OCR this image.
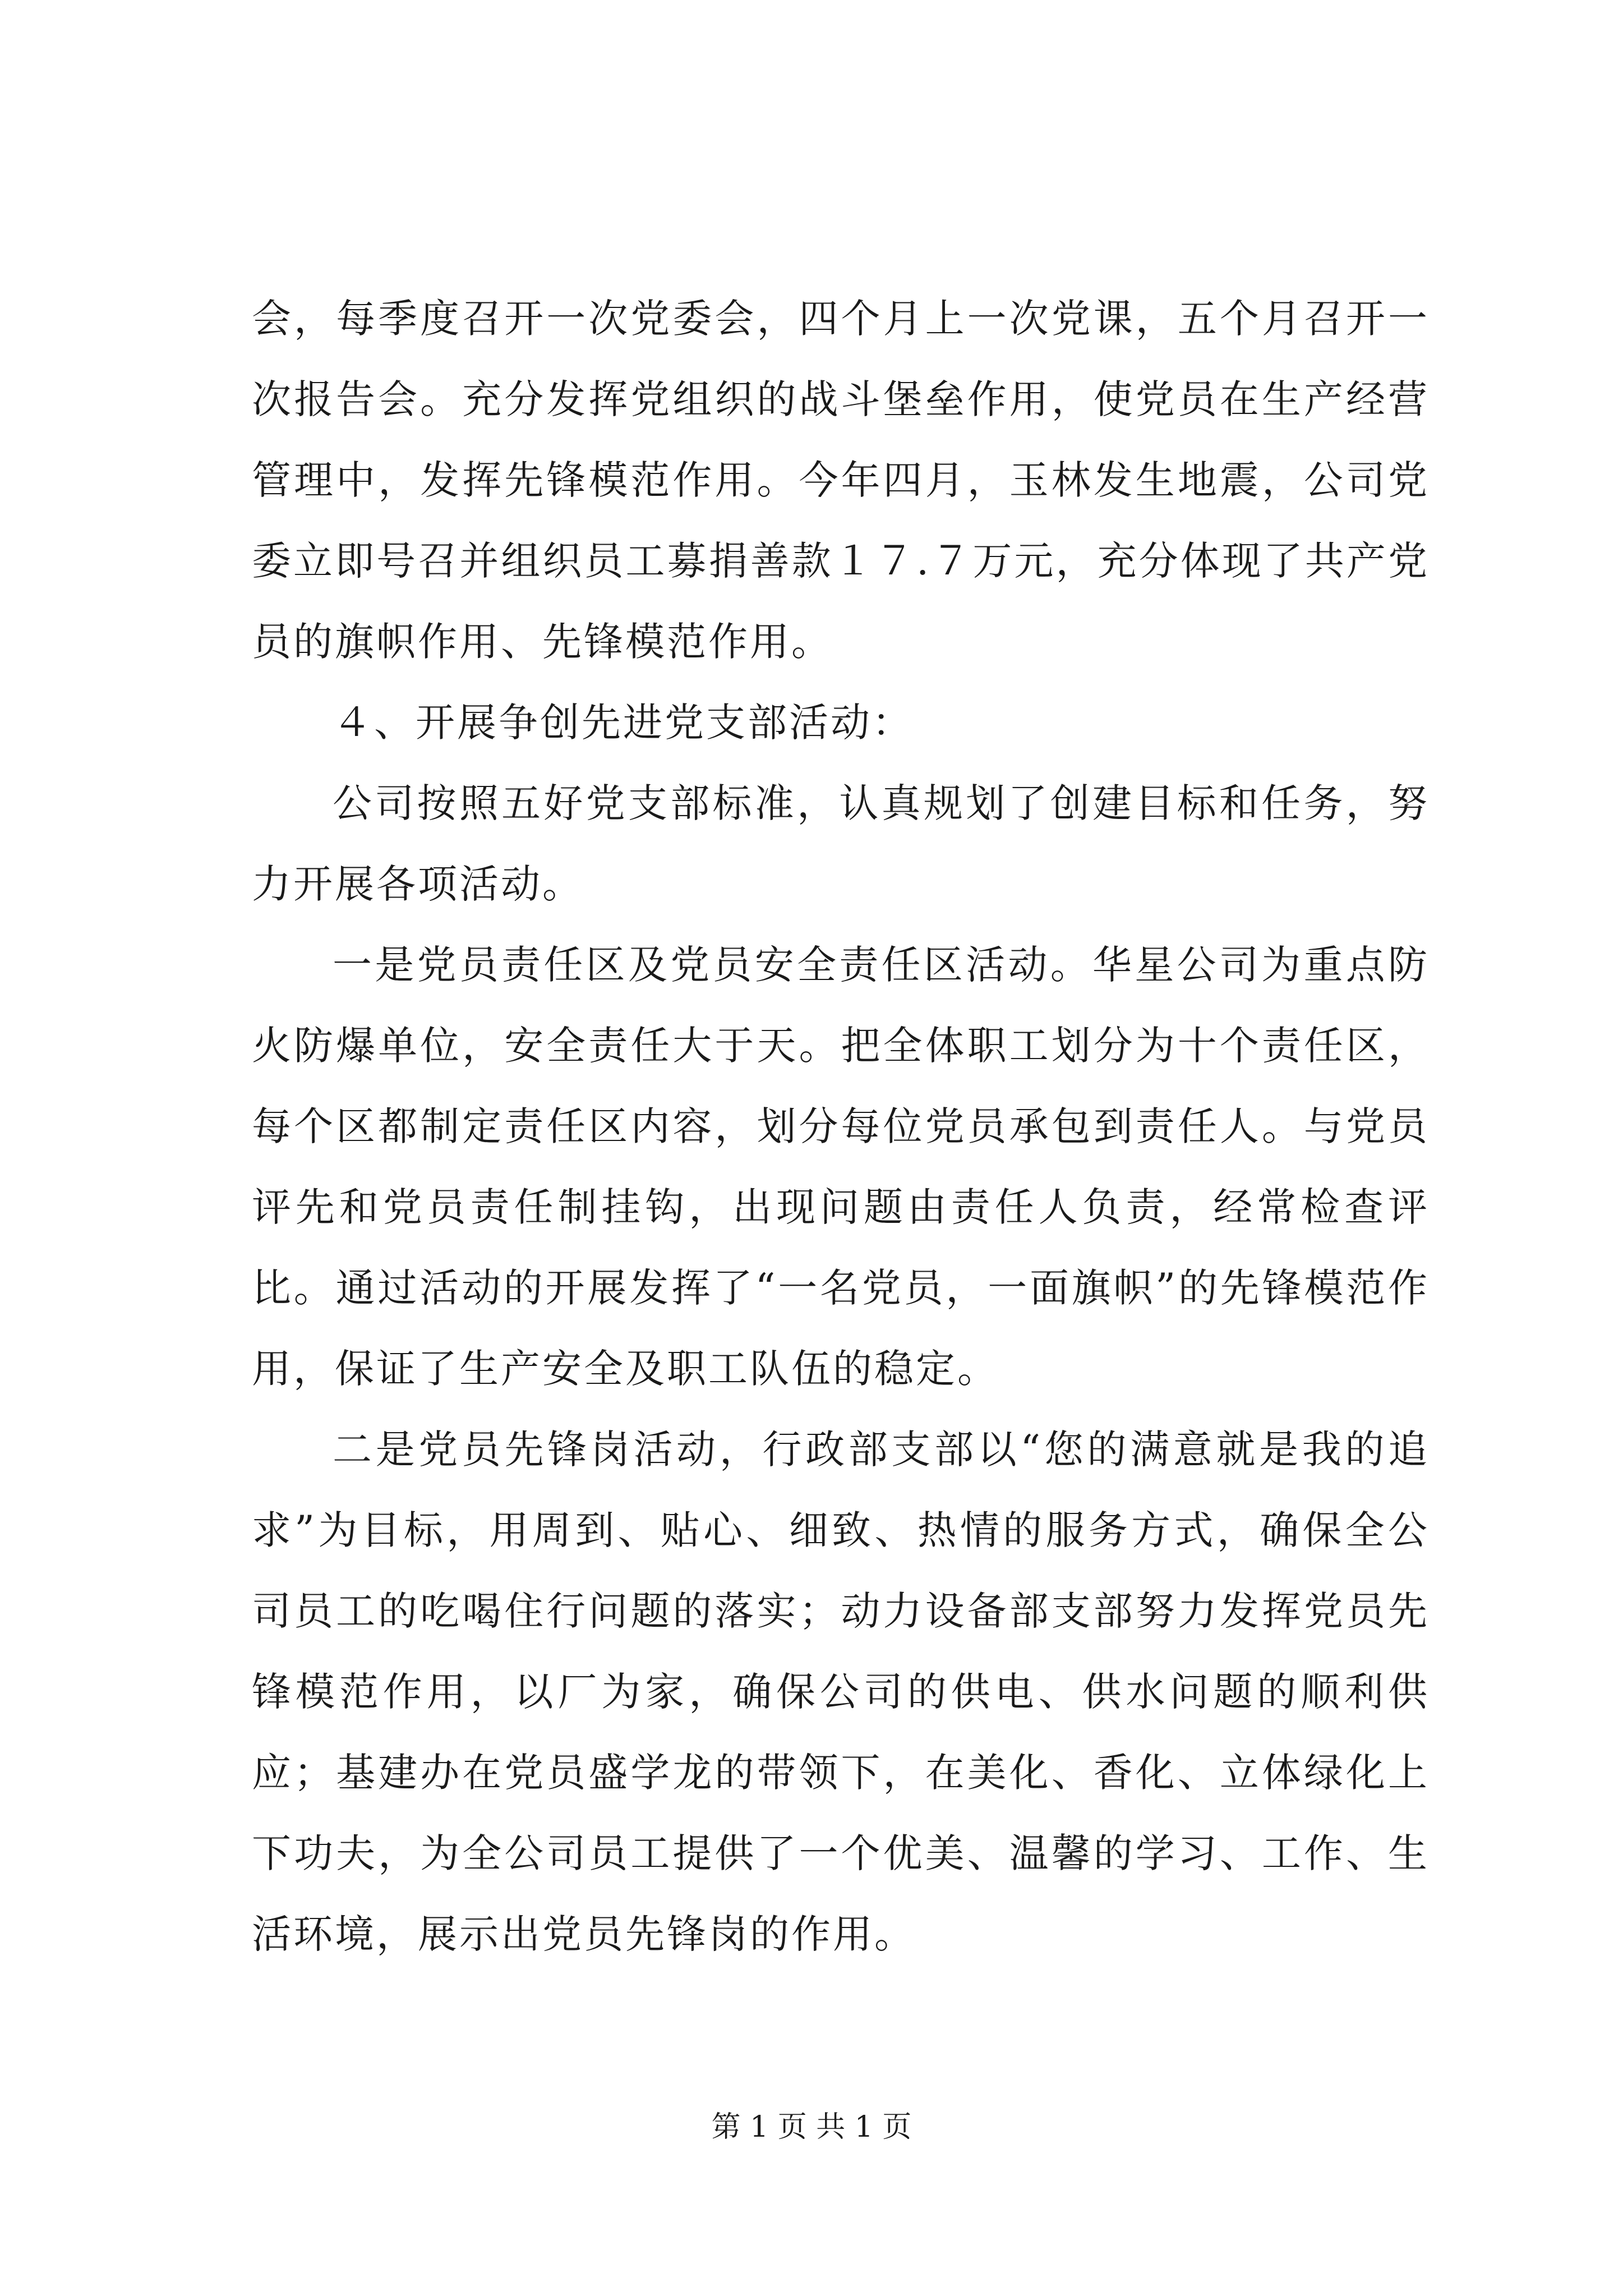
会，每季度召开一次党委会，四个月上一次党课，五个月召开一次报告会。充分发挥党组织的战斗堡垒作用，使党员在生产经营管理中，发挥先锋模范作用。今年四月，玉林发生地震，公司党委立即号召并组织员工募捐善款１７.７万元，充分体现了共产党员的旗帜作用、先锋模范作用。

４、开展争创先进党支部活动：

公司按照五好党支部标准，认真规划了创建目标和任务，努力开展各项活动。

一是党员责任区及党员安全责任区活动。华星公司为重点防火防爆单位，安全责任大于天。把全体职工划分为十个责任区，每个区都制定责任区内容，划分每位党员承包到责任人。与党员评先和党员责任制挂钩，出现问题由责任人负责，经常检查评比。通过活动的开展发挥了“一名党员，一面旗帜”的先锋模范作用，保证了生产安全及职工队伍的稳定。

二是党员先锋岗活动，行政部支部以“您的满意就是我的追求”为目标，用周到、贴心、细致、热情的服务方式，确保全公司员工的吃喝住行问题的落实；动力设备部支部努力发挥党员先锋模范作用，以厂为家，确保公司的供电、供水问题的顺利供应；基建办在党员盛学龙的带领下，在美化、香化、立体绿化上下功夫，为全公司员工提供了一个优美、温馨的学习、工作、生活环境，展示出党员先锋岗的作用。

第 1 页 共 1 页
